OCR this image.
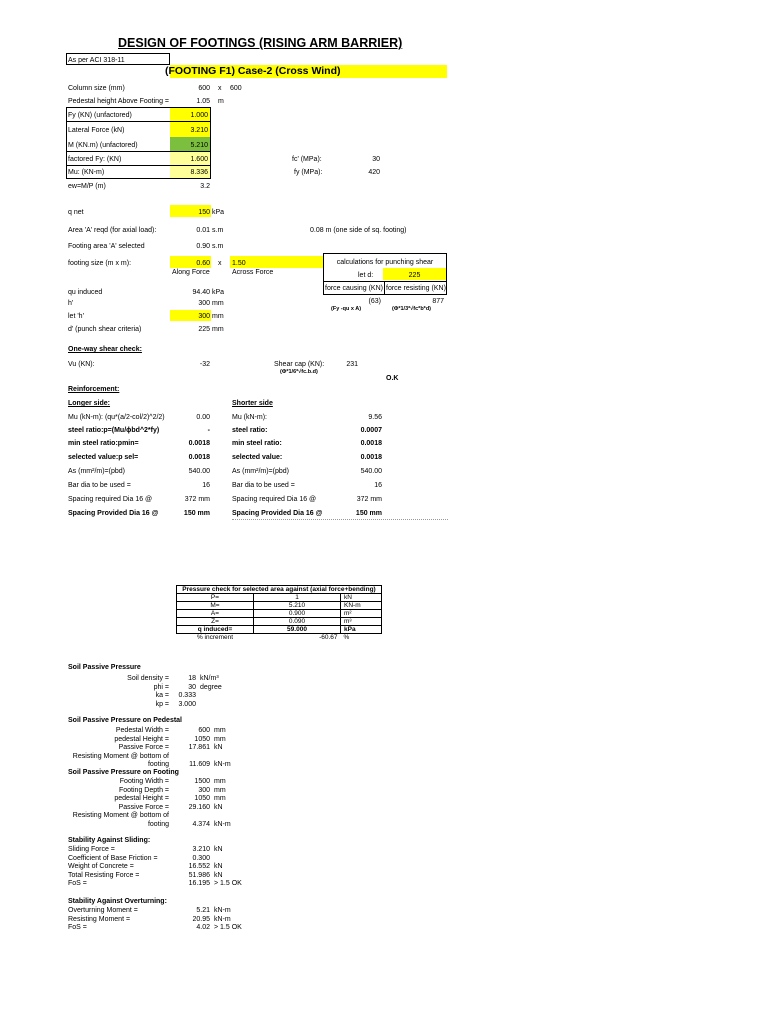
DESIGN OF FOOTINGS (RISING ARM BARRIER)
As per ACI 318-11
(FOOTING F1) Case-2 (Cross Wind)
Column size (mm)	600 x 600
Pedestal height Above Footing =	1.05 m
Fy (KN) (unfactored)	1.000
Lateral Force (kN)	3.210
M (KN.m) (unfactored)	5.210
factored Fy: (KN)	1.600
Mu: (KN-m)	8.336
ew=M/P (m)	3.2
fc' (MPa):	30
fy (MPa):	420
q net	150 kPa
Area 'A' reqd (for axial load):	0.01 s.m	0.08 m (one side of sq. footing)
Footing area 'A' selected	0.90 s.m
footing size (m x m):	0.60 x 1.50
Along Force	Across Force
qu induced	94.40 kPa
h'	300 mm
let 'h'	300 mm
d' (punch shear criteria)	225 mm
calculations for punching shear
let d:	225
force causing (KN) force resisting (KN)
(63)	877
(Fy -qu x A)	(Φ*1/3*√fc*b*d)
One-way shear check:
Vu (KN):	-32	Shear cap (KN):	231
(Φ*1/6*√fc.b.d)
O.K
Reinforcement:
Longer side:	Shorter side
Mu (kN-m): (qu*(a/2-col/2)^2/2)	0.00
steel ratio:p=(Mu/ϕbd^2*fy)	-
min steel ratio:pmin=	0.0018
selected value:p sel=	0.0018
As (mm²/m)=(pbd)	540.00
Bar dia to be used =	16
Spacing required Dia 16 @	372 mm
Spacing Provided Dia 16 @	150 mm
Mu (kN-m):	9.56
steel ratio:	0.0007
min steel ratio:	0.0018
selected value:	0.0018
As (mm²/m)=(pbd)	540.00
Bar dia to be used =	16
Spacing required Dia 16 @	372 mm
Spacing Provided Dia 16 @	150 mm
Pressure check for selected area against (axial force+bending)		
P=	1	kN
M=	5.210	KN-m
A=	0.900	m²
Z=	0.090	m³
q induced=	59.000	kPa
% increment	-60.67	%
Soil Passive Pressure
Soil density =	18 kN/m³
phi =	30 degree
ka =	0.333
kp =	3.000
Soil Passive Pressure on Pedestal
Pedestal Width =	600 mm
pedestal Height =	1050 mm
Passive Force =	17.861 kN
Resisting Moment @ bottom of
footing	11.609 kN-m
Soil Passive Pressure on Footing
Footing Width =	1500 mm
Footing Depth =	300 mm
pedestal Height =	1050 mm
Passive Force =	29.160 kN
Resisting Moment @ bottom of
footing	4.374 kN-m
Stability Against Sliding:
Sliding Force =	3.210 kN
Coefficient of Base Friction =	0.300
Weight of Concrete =	16.552 kN
Total Resisting Force =	51.986 kN
FoS =	16.195 > 1.5 OK
Stability Against Overturning:
Overturning Moment =	5.21 kN-m
Resisting Moment =	20.95 kN-m
FoS =	4.02 > 1.5 OK
